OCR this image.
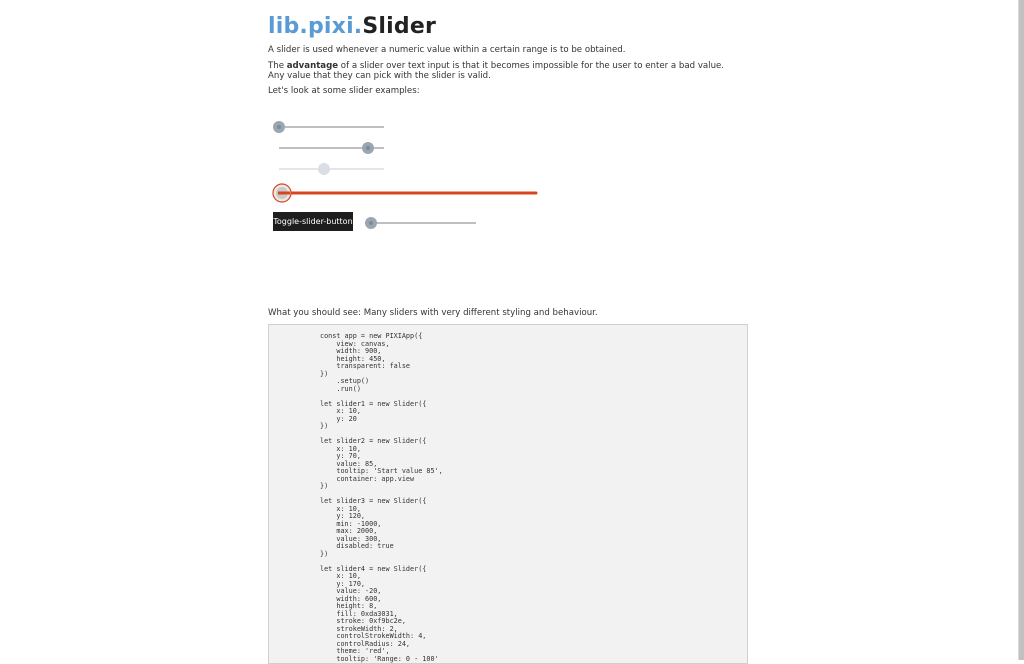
lib.pixi.Slider
A slider is used whenever a numeric value within a certain range is to be obtained.
The advantage of a slider over text input is that it becomes impossible for the user to enter a bad value. Any value that they can pick with the slider is valid.
Let's look at some slider examples:
Toggle-slider-button
What you should see: Many sliders with very different styling and behaviour.
const app = new PIXIApp({
view: canvas,
width: 900,
height: 450,
transparent: false
})
.setup()
.run()

let slider1 = new Slider({
x: 10,
y: 20
})

let slider2 = new Slider({
x: 10,
y: 70,
value: 85,
tooltip: 'Start value 85',
container: app.view
})

let slider3 = new Slider({
x: 10,
y: 120,
min: -1000,
max: 2000,
value: 300,
disabled: true
})

let slider4 = new Slider({
x: 10,
y: 170,
value: -20,
width: 600,
height: 8,
fill: 0xda3031,
stroke: 0xf9bc2e,
strokeWidth: 2,
controlStrokeWidth: 4,
controlRadius: 24,
theme: 'red',
tooltip: 'Range: 0 - 100'
